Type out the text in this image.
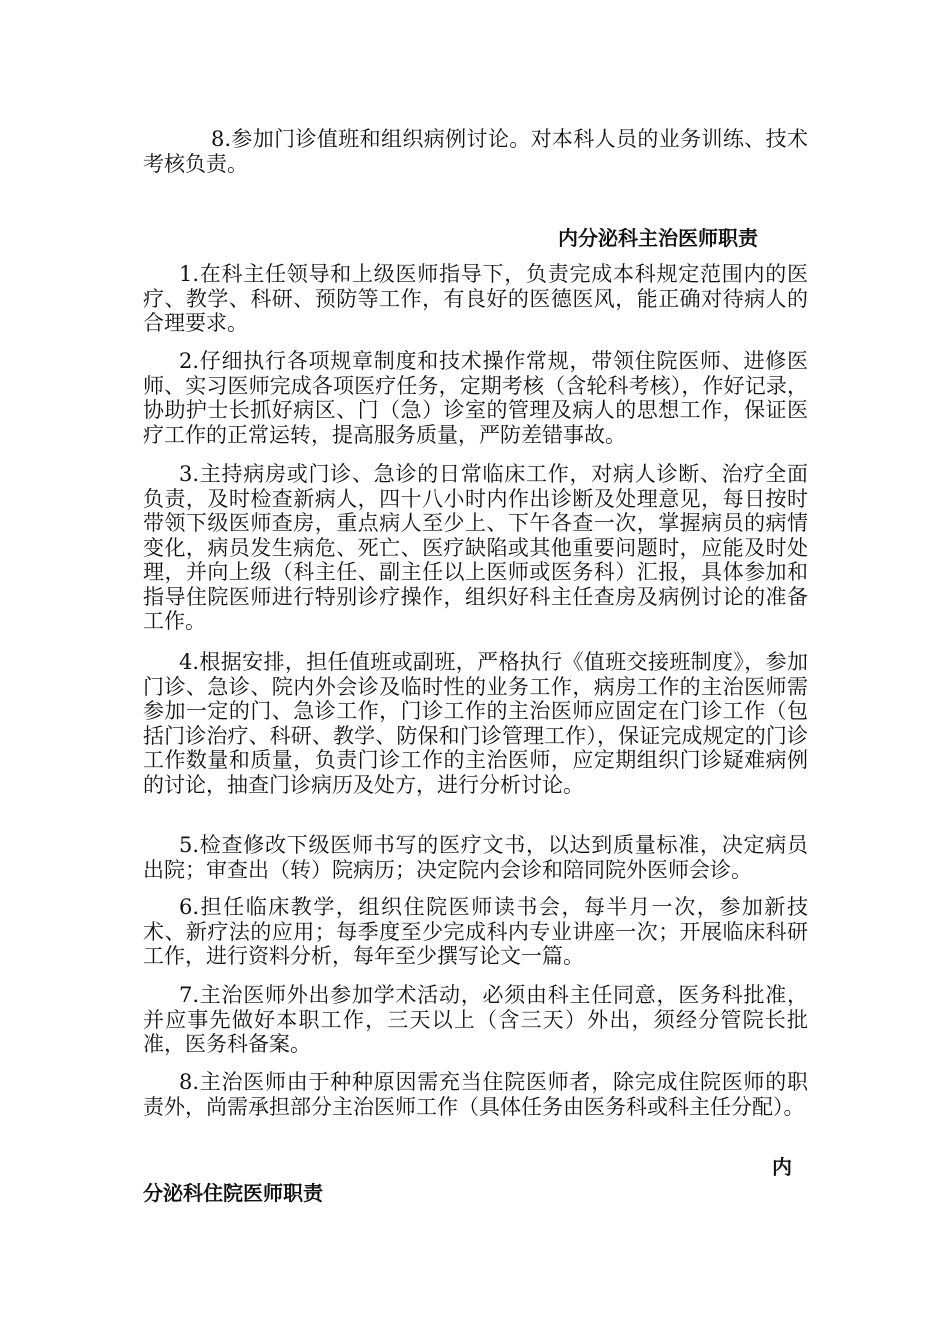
8.参加门诊值班和组织病例讨论。对本科人员的业务训练、技术考核负责。

内分泌科主治医师职责

1.在科主任领导和上级医师指导下，负责完成本科规定范围内的医疗、教学、科研、预防等工作，有良好的医德医风，能正确对待病人的合理要求。

2.仔细执行各项规章制度和技术操作常规，带领住院医师、进修医师、实习医师完成各项医疗任务，定期考核（含轮科考核），作好记录，协助护士长抓好病区、门（急）诊室的管理及病人的思想工作，保证医疗工作的正常运转，提高服务质量，严防差错事故。

3.主持病房或门诊、急诊的日常临床工作，对病人诊断、治疗全面负责，及时检查新病人，四十八小时内作出诊断及处理意见，每日按时带领下级医师查房，重点病人至少上、下午各查一次，掌握病员的病情变化，病员发生病危、死亡、医疗缺陷或其他重要问题时，应能及时处理，并向上级（科主任、副主任以上医师或医务科）汇报，具体参加和指导住院医师进行特别诊疗操作，组织好科主任查房及病例讨论的准备工作。

4.根据安排，担任值班或副班，严格执行《值班交接班制度》，参加门诊、急诊、院内外会诊及临时性的业务工作，病房工作的主治医师需参加一定的门、急诊工作，门诊工作的主治医师应固定在门诊工作（包括门诊治疗、科研、教学、防保和门诊管理工作），保证完成规定的门诊工作数量和质量，负责门诊工作的主治医师，应定期组织门诊疑难病例的讨论，抽查门诊病历及处方，进行分析讨论。

5.检查修改下级医师书写的医疗文书，以达到质量标准，决定病员出院；审查出（转）院病历；决定院内会诊和陪同院外医师会诊。

6.担任临床教学，组织住院医师读书会，每半月一次，参加新技术、新疗法的应用；每季度至少完成科内专业讲座一次；开展临床科研工作，进行资料分析，每年至少撰写论文一篇。

7.主治医师外出参加学术活动，必须由科主任同意，医务科批准，并应事先做好本职工作，三天以上（含三天）外出，须经分管院长批准，医务科备案。

8.主治医师由于种种原因需充当住院医师者，除完成住院医师的职责外，尚需承担部分主治医师工作（具体任务由医务科或科主任分配）。

内
分泌科住院医师职责
